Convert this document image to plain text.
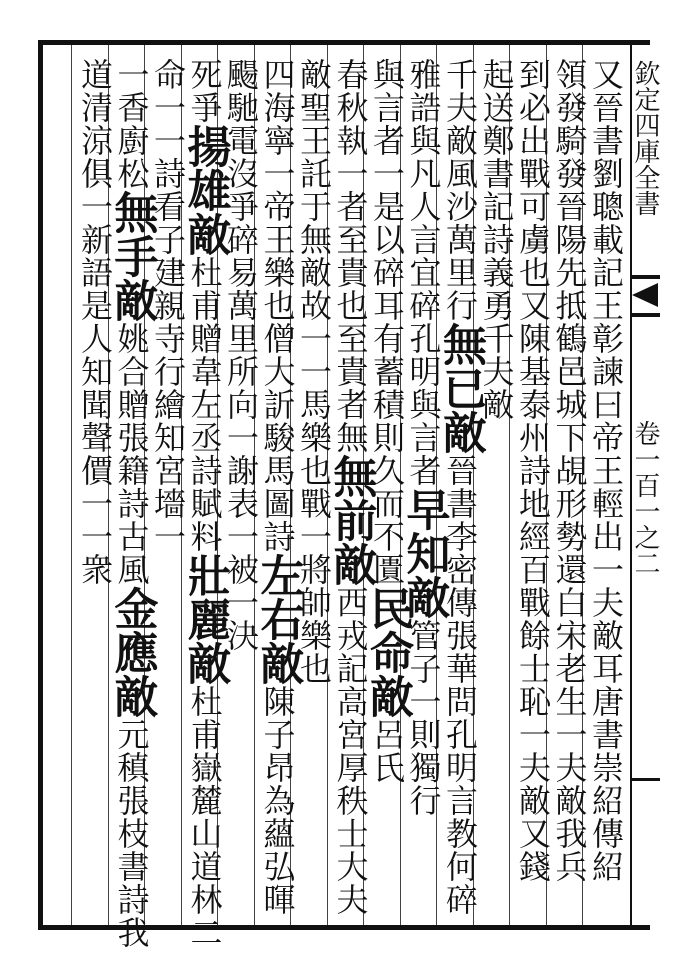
欽定四庫全書
卷一百一之二
又晉書劉聰載記王彰諫曰帝王輕出一夫敵耳唐書崇紹傳紹
領發騎發晉陽先抵鶴邑城下覘形勢還白宋老生一夫敵我兵
到必出戰可虜也又陳基泰州詩地經百戰餘士恥一夫敵又錢
起送鄭書記詩義勇千夫敵
千夫敵風沙萬里行無已敵晉書李密傳張華問孔明言教何碎
雅誥與凡人言宜碎孔明與言者早知敵管子一則獨行
與言者一是以碎耳有蓄積則久而不匱民命敵呂氏
春秋執一者至貴也至貴者無無前敵西戎記高宮厚秩士大夫
敵聖王託于無敵故一一馬樂也戰一將帥樂也
四海寧一帝王樂也僧大訢駿馬圖詩左右敵陳子昂為蘊弘暉
颺馳電沒爭碎易萬里所向一謝表一被一決
死爭揚雄敵杜甫贈韋左丞詩賦料壯麗敵杜甫嶽麓山道林二
命一一詩看子建親寺行繪知宮墻一
一香廚松無手敵姚合贈張籍詩古風金應敵元稹張枝書詩我
道清涼俱一新語是人知聞聲價一一衆
